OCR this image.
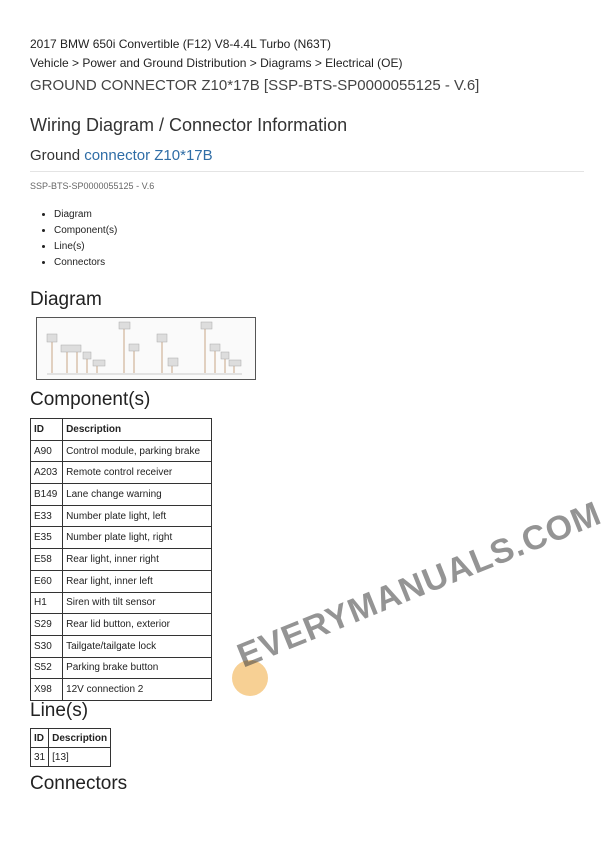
2017 BMW 650i Convertible (F12) V8-4.4L Turbo (N63T)
Vehicle > Power and Ground Distribution > Diagrams > Electrical (OE)
GROUND CONNECTOR Z10*17B [SSP-BTS-SP0000055125 - V.6]
Wiring Diagram / Connector Information
Ground connector Z10*17B
SSP-BTS-SP0000055125 - V.6
• Diagram
• Component(s)
• Line(s)
• Connectors
Diagram
Component(s)
ID	Description
A90	Control module, parking brake
A203	Remote control receiver
B149	Lane change warning
E33	Number plate light, left
E35	Number plate light, right
E58	Rear light, inner right
E60	Rear light, inner left
H1	Siren with tilt sensor
S29	Rear lid button, exterior
S30	Tailgate/tailgate lock
S52	Parking brake button
X98	12V connection 2
Line(s)
ID	Description
31	[13]
Connectors
EVERYMANUALS.COM
